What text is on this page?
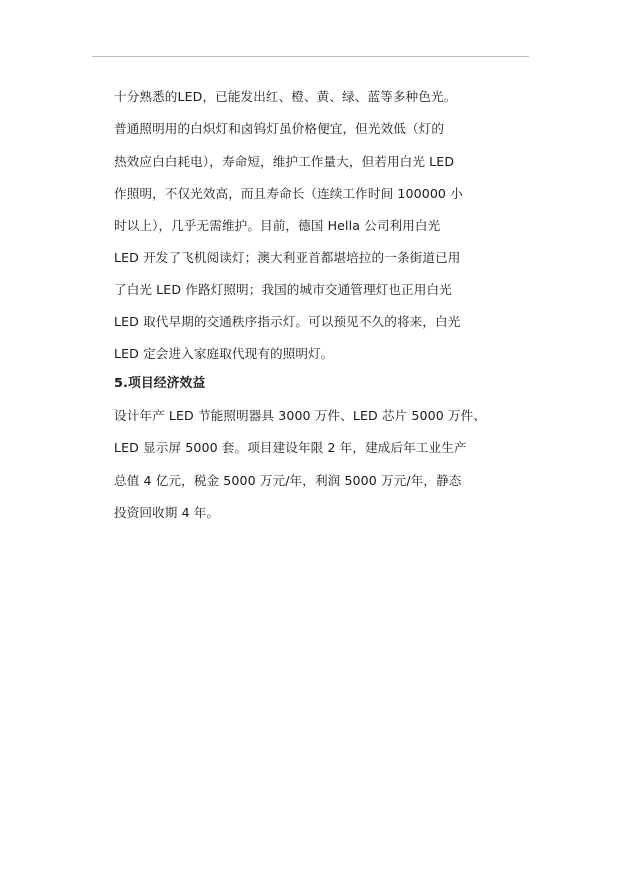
十分熟悉的LED，已能发出红、橙、黄、绿、蓝等多种色光。
普通照明用的白炽灯和卤钨灯虽价格便宜，但光效低（灯的
热效应白白耗电），寿命短，维护工作量大，但若用白光 LED
作照明，不仅光效高，而且寿命长（连续工作时间 100000 小
时以上），几乎无需维护。目前，德国 Hella 公司利用白光
LED 开发了飞机阅读灯；澳大利亚首都堪培拉的一条街道已用
了白光 LED 作路灯照明；我国的城市交通管理灯也正用白光
LED 取代早期的交通秩序指示灯。可以预见不久的将来，白光
LED 定会进入家庭取代现有的照明灯。
5.项目经济效益
设计年产 LED 节能照明器具 3000 万件、LED 芯片 5000 万件、
LED 显示屏 5000 套。项目建设年限 2 年，建成后年工业生产
总值 4 亿元，税金 5000 万元/年，利润 5000 万元/年，静态
投资回收期 4 年。
